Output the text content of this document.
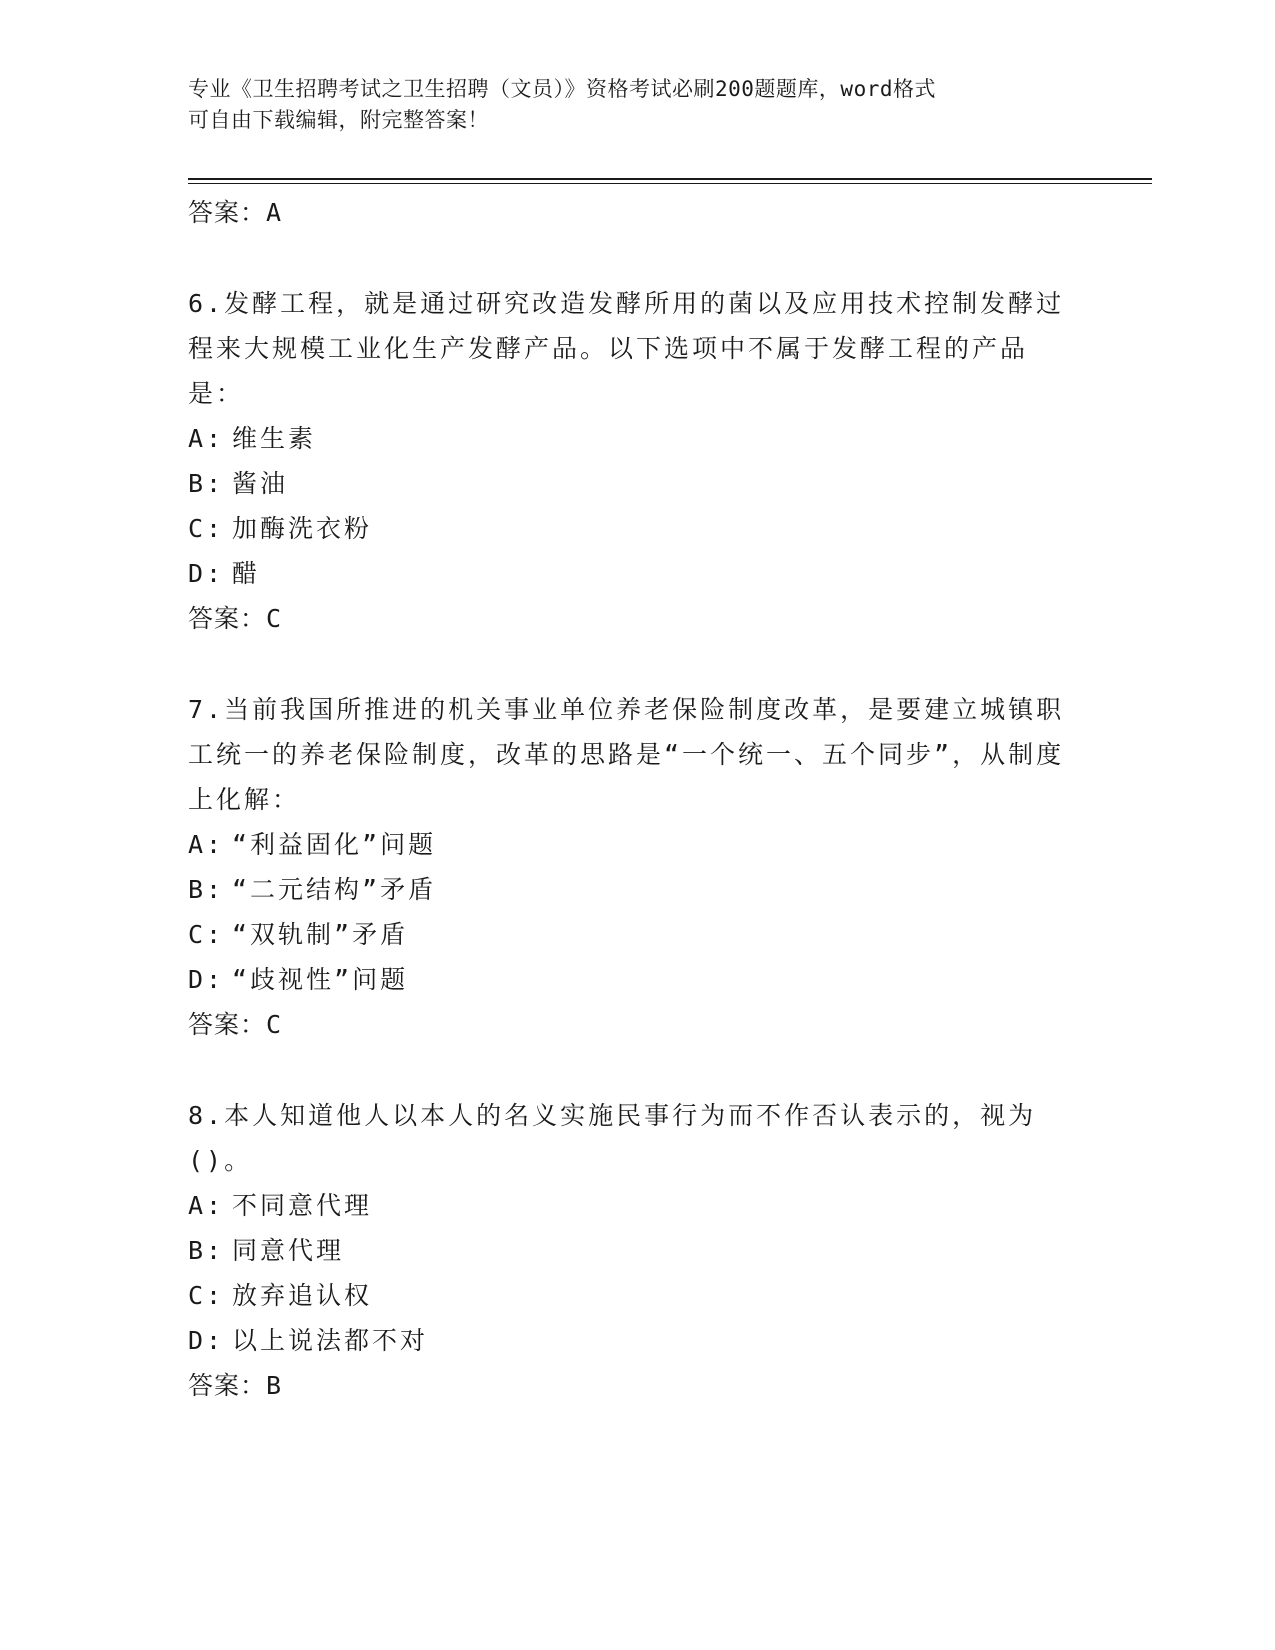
专业《卫生招聘考试之卫生招聘（文员）》资格考试必刷200题题库，word格式
可自由下载编辑，附完整答案！
答案：A
6.发酵工程，就是通过研究改造发酵所用的菌以及应用技术控制发酵过程来大规模工业化生产发酵产品。以下选项中不属于发酵工程的产品是：
A: 维生素
B: 酱油
C: 加酶洗衣粉
D: 醋
答案：C
7.当前我国所推进的机关事业单位养老保险制度改革，是要建立城镇职工统一的养老保险制度，改革的思路是“一个统一、五个同步”，从制度上化解：
A: “利益固化”问题
B: “二元结构”矛盾
C: “双轨制”矛盾
D: “歧视性”问题
答案：C
8.本人知道他人以本人的名义实施民事行为而不作否认表示的，视为()。
A: 不同意代理
B: 同意代理
C: 放弃追认权
D: 以上说法都不对
答案：B
